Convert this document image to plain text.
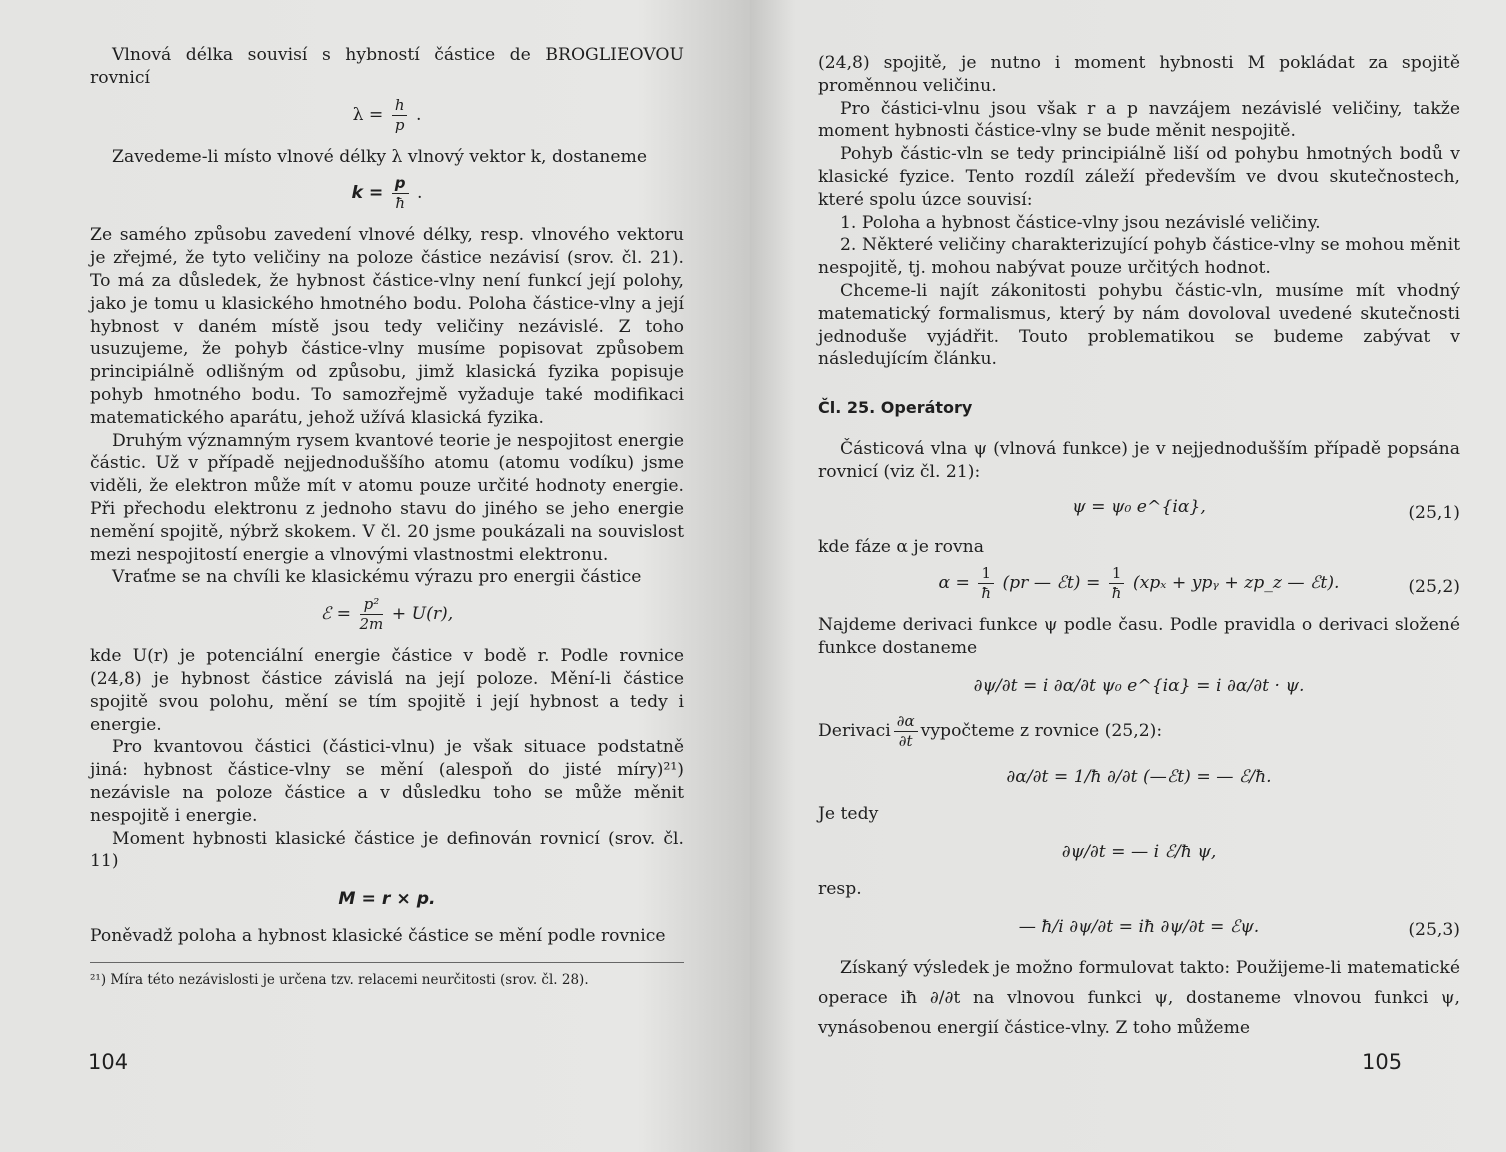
Vlnová délka souvisí s hybností částice de BROGLIEOVOU rovnicí

$\lambda = \frac{h}{p}$ .

Zavedeme-li místo vlnové délky λ vlnový vektor k, dostaneme

$k = \frac{p}{ħ}$ .

Ze samého způsobu zavedení vlnové délky, resp. vlnového vektoru je zřejmé, že tyto veličiny na poloze částice nezávisí (srov. čl. 21). To má za důsledek, že hybnost částice-vlny není funkcí její polohy, jako je tomu u klasického hmotného bodu. Poloha částice-vlny a její hybnost v daném místě jsou tedy veličiny nezávislé. Z toho usuzujeme, že pohyb částice-vlny musíme popisovat způsobem principiálně odlišným od způsobu, jimž klasická fyzika popisuje pohyb hmotného bodu. To samozřejmě vyžaduje také modifikaci matematického aparátu, jehož užívá klasická fyzika.

Druhým významným rysem kvantové teorie je nespojitost energie částic. Už v případě nejjednoduššího atomu (atomu vodíku) jsme viděli, že elektron může mít v atomu pouze určité hodnoty energie. Při přechodu elektronu z jednoho stavu do jiného se jeho energie nemění spojitě, nýbrž skokem. V čl. 20 jsme poukázali na souvislost mezi nespojitostí energie a vlnovými vlastnostmi elektronu.

Vraťme se na chvíli ke klasickému výrazu pro energii částice

ℰ = $\frac{\text{p²}}{2m} + U(r)$,

kde U(r) je potenciální energie částice v bodě r. Podle rovnice (24,8) je hybnost částice závislá na její poloze. Mění-li částice spojitě svou polohu, mění se tím spojitě i její hybnost a tedy i energie.

Pro kvantovou částici (částici-vlnu) je však situace podstatně jiná: hybnost částice-vlny se mění (alespoň do jisté míry)²¹) nezávisle na poloze částice a v důsledku toho se může měnit nespojitě i energie.

Moment hybnosti klasické částice je definován rovnicí (srov. čl. 11)

M = r × p.

Poněvadž poloha a hybnost klasické částice se mění podle rovnice

²¹) Míra této nezávislosti je určena tzv. relacemi neurčitosti (srov. čl. 28).
104

(24,8) spojitě, je nutno i moment hybnosti M pokládat za spojitě proměnnou veličinu.

Pro částici-vlnu jsou však r a p navzájem nezávislé veličiny, takže moment hybnosti částice-vlny se bude měnit nespojitě.

Pohyb částic-vln se tedy principiálně liší od pohybu hmotných bodů v klasické fyzice. Tento rozdíl záleží především ve dvou skutečnostech, které spolu úzce souvisí:

1. Poloha a hybnost částice-vlny jsou nezávislé veličiny.

2. Některé veličiny charakterizující pohyb částice-vlny se mohou měnit nespojitě, tj. mohou nabývat pouze určitých hodnot.

Chceme-li najít zákonitosti pohybu částic-vln, musíme mít vhodný matematický formalismus, který by nám dovoloval uvedené skutečnosti jednoduše vyjádřit. Touto problematikou se budeme zabývat v následujícím článku.

Čl. 25. Operátory

Částicová vlna ψ (vlnová funkce) je v nejjednodušším případě popsána rovnicí (viz čl. 21):

ψ = ψ₀ e^{iα},	(25,1)

kde fáze α je rovna

$\alpha = \frac{1}{ħ} (pr$ — ℰt) = $\frac{1}{ħ} (xp_x$ + ypᵧ + zp_z — ℰt).	(25,2)

Najdeme derivaci funkce ψ podle času. Podle pravidla o derivaci složené funkce dostaneme

∂ψ/∂t = i ∂α/∂t ψ₀ e^{iα} = i ∂α/∂t · ψ.
Derivaci $\frac{\partial\alpha}{\partial t}$ vypočteme z rovnice (25,2):
∂α/∂t = 1/ħ ∂/∂t (—ℰt) = — ℰ/ħ.

Je tedy

∂ψ/∂t = — i ℰ/ħ ψ,

resp.

— ħ/i ∂ψ/∂t = iħ ∂ψ/∂t = ℰψ.	(25,3)

Získaný výsledek je možno formulovat takto: Použijeme-li matematické operace iħ ∂/∂t na vlnovou funkci ψ, dostaneme vlnovou funkci ψ, vynásobenou energií částice-vlny. Z toho můžeme

105
